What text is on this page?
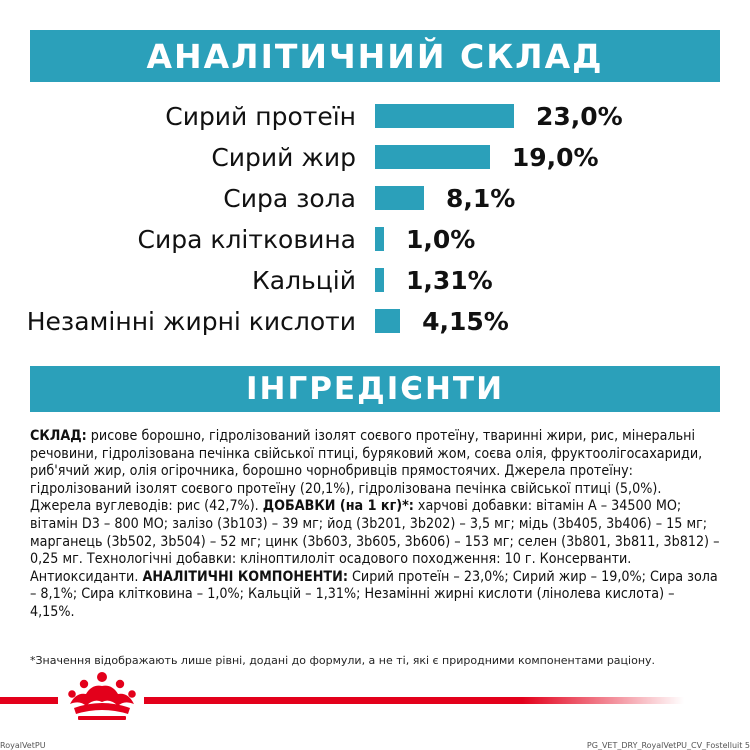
АНАЛІТИЧНИЙ СКЛАД
Сирий протеїн	23,0%
Сирий жир	19,0%
Сира зола	8,1%
Сира клітковина 1,0%
Кальцій 1,31%
Незамінні жирні кислоти	4,15%
ІНГРЕДІЄНТИ
СКЛАД: рисове борошно, гідролізований ізолят соєвого протеїну, тваринні жири, рис, мінеральні речовини, гідролізована печінка свійської птиці, буряковий жом, соєва олія, фруктоолігосахариди, риб'ячий жир, олія огірочника, борошно чорнобривців прямостоячих. Джерела протеїну: гідролізований ізолят соєвого протеїну (20,1%), гідролізована печінка свійської птиці (5,0%). Джерела вуглеводів: рис (42,7%). ДОБАВКИ (на 1 кг)*: харчові добавки: вітамін А – 34500 МО; вітамін D3 – 800 МО; залізо (3b103) – 39 мг; йод (3b201, 3b202) – 3,5 мг; мідь (3b405, 3b406) – 15 мг; марганець (3b502, 3b504) – 52 мг; цинк (3b603, 3b605, 3b606) – 153 мг; селен (3b801, 3b811, 3b812) – 0,25 мг. Технологічні добавки: кліноптилоліт осадового походження: 10 г. Консерванти. Антиоксиданти. АНАЛІТИЧНІ КОМПОНЕНТИ: Сирий протеїн – 23,0%; Сирий жир – 19,0%; Сира зола – 8,1%; Сира клітковина – 1,0%; Кальцій – 1,31%; Незамінні жирні кислоти (лінолева кислота) – 4,15%.
*Значення відображають лише рівні, додані до формули, а не ті, які є природними компонентами раціону.
RoyalVetPU	PG_VET_DRY_RoyalVetPU_CV_Fostelluit 5
